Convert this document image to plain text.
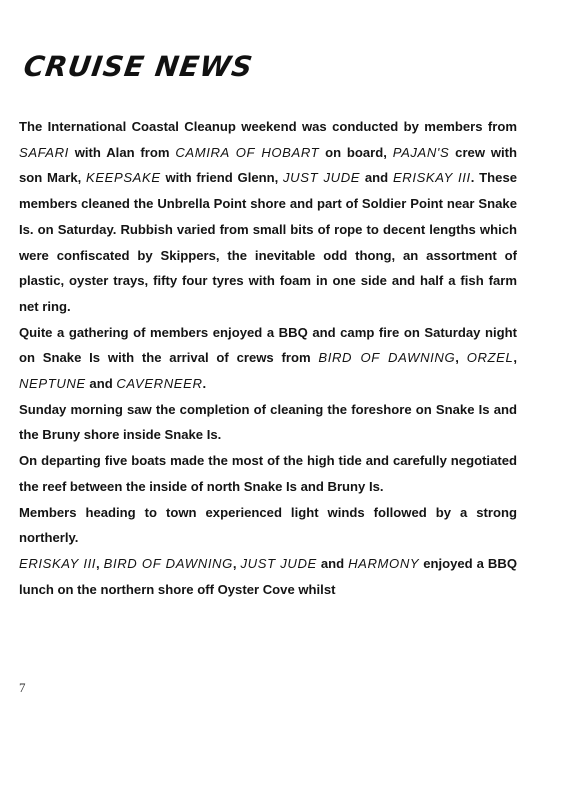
CRUISE NEWS

The International Coastal Cleanup weekend was conducted by members from SAFARI with Alan from CAMIRA OF HOBART on board, PAJAN'S crew with son Mark, KEEPSAKE with friend Glenn, JUST JUDE and ERISKAY III. These members cleaned the Unbrella Point shore and part of Soldier Point near Snake Is. on Saturday. Rubbish varied from small bits of rope to decent lengths which were confiscated by Skippers, the inevitable odd thong, an assortment of plastic, oyster trays, fifty four tyres with foam in one side and half a fish farm net ring.

Quite a gathering of members enjoyed a BBQ and camp fire on Saturday night on Snake Is with the arrival of crews from BIRD OF DAWNING, ORZEL, NEPTUNE and CAVERNEER.

Sunday morning saw the completion of cleaning the foreshore on Snake Is and the Bruny shore inside Snake Is.

On departing five boats made the most of the high tide and carefully negotiated the reef between the inside of north Snake Is and Bruny Is.

Members heading to town experienced light winds followed by a strong northerly.

ERISKAY III, BIRD OF DAWNING, JUST JUDE and HARMONY enjoyed a BBQ lunch on the northern shore off Oyster Cove whilst

7
